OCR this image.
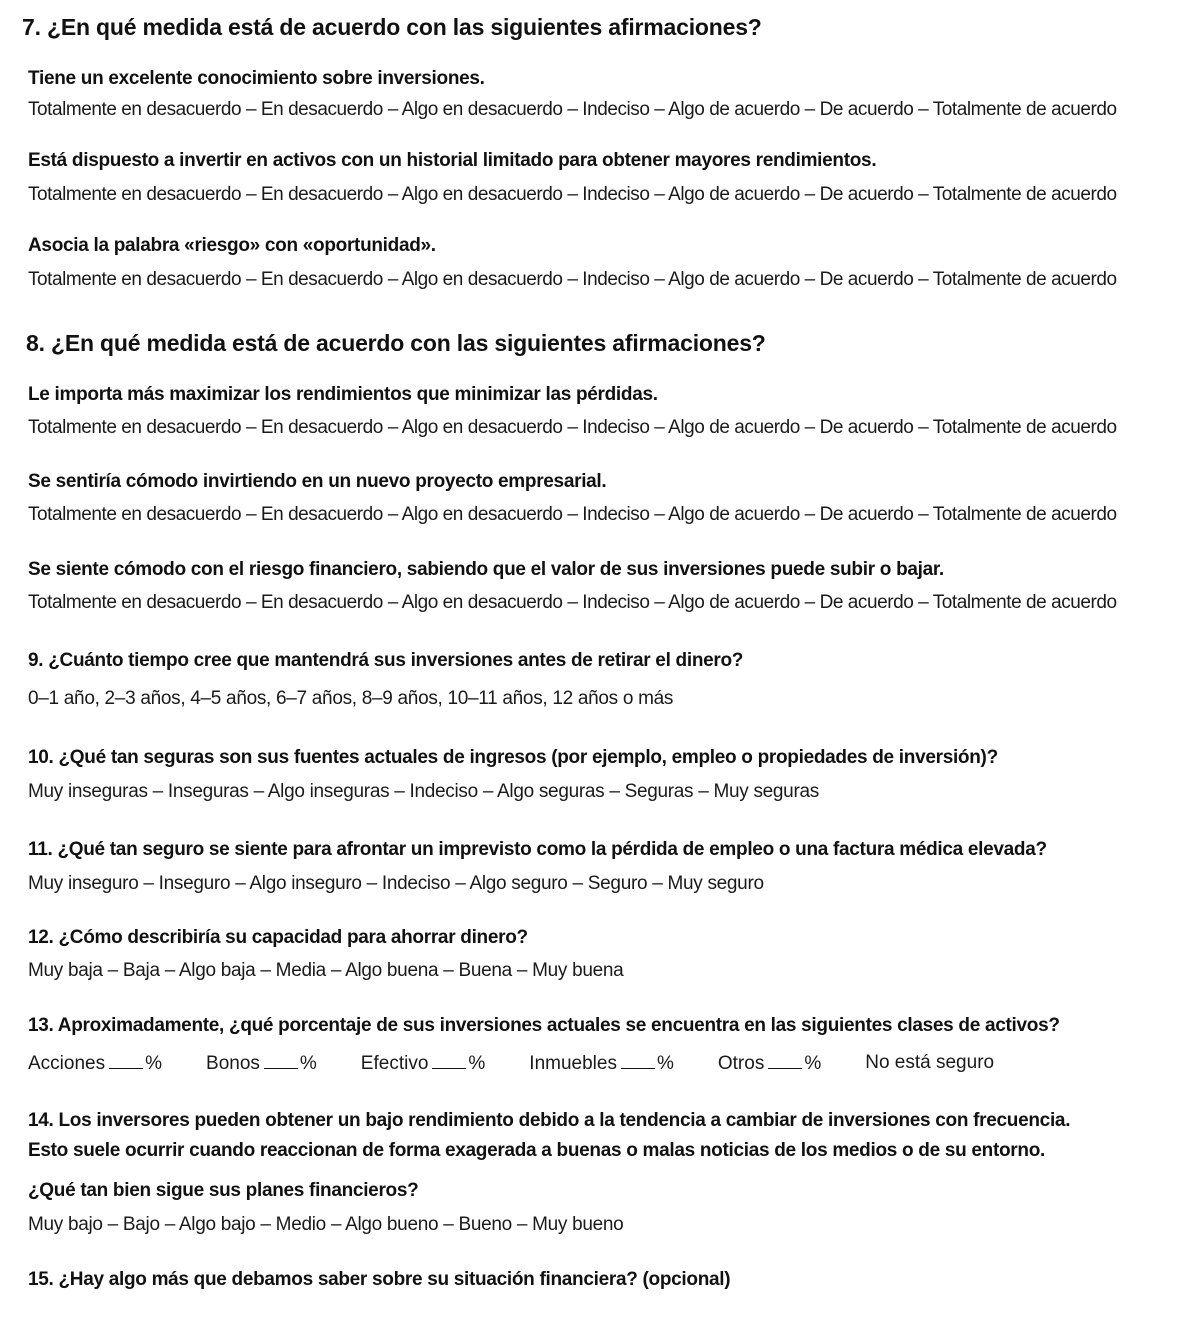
7. ¿En qué medida está de acuerdo con las siguientes afirmaciones?
Tiene un excelente conocimiento sobre inversiones.
Totalmente en desacuerdo – En desacuerdo – Algo en desacuerdo – Indeciso – Algo de acuerdo – De acuerdo – Totalmente de acuerdo
Está dispuesto a invertir en activos con un historial limitado para obtener mayores rendimientos.
Totalmente en desacuerdo – En desacuerdo – Algo en desacuerdo – Indeciso – Algo de acuerdo – De acuerdo – Totalmente de acuerdo
Asocia la palabra «riesgo» con «oportunidad».
Totalmente en desacuerdo – En desacuerdo – Algo en desacuerdo – Indeciso – Algo de acuerdo – De acuerdo – Totalmente de acuerdo
8. ¿En qué medida está de acuerdo con las siguientes afirmaciones?
Le importa más maximizar los rendimientos que minimizar las pérdidas.
Totalmente en desacuerdo – En desacuerdo – Algo en desacuerdo – Indeciso – Algo de acuerdo – De acuerdo – Totalmente de acuerdo
Se sentiría cómodo invirtiendo en un nuevo proyecto empresarial.
Totalmente en desacuerdo – En desacuerdo – Algo en desacuerdo – Indeciso – Algo de acuerdo – De acuerdo – Totalmente de acuerdo
Se siente cómodo con el riesgo financiero, sabiendo que el valor de sus inversiones puede subir o bajar.
Totalmente en desacuerdo – En desacuerdo – Algo en desacuerdo – Indeciso – Algo de acuerdo – De acuerdo – Totalmente de acuerdo
9. ¿Cuánto tiempo cree que mantendrá sus inversiones antes de retirar el dinero?
0–1 año, 2–3 años, 4–5 años, 6–7 años, 8–9 años, 10–11 años, 12 años o más
10. ¿Qué tan seguras son sus fuentes actuales de ingresos (por ejemplo, empleo o propiedades de inversión)?
Muy inseguras – Inseguras – Algo inseguras – Indeciso – Algo seguras – Seguras – Muy seguras
11. ¿Qué tan seguro se siente para afrontar un imprevisto como la pérdida de empleo o una factura médica elevada?
Muy inseguro – Inseguro – Algo inseguro – Indeciso – Algo seguro – Seguro – Muy seguro
12. ¿Cómo describiría su capacidad para ahorrar dinero?
Muy baja – Baja – Algo baja – Media – Algo buena – Buena – Muy buena
13. Aproximadamente, ¿qué porcentaje de sus inversiones actuales se encuentra en las siguientes clases de activos?
Acciones % Bonos % Efectivo % Inmuebles % Otros % No está seguro
14. Los inversores pueden obtener un bajo rendimiento debido a la tendencia a cambiar de inversiones con frecuencia.
Esto suele ocurrir cuando reaccionan de forma exagerada a buenas o malas noticias de los medios o de su entorno.
¿Qué tan bien sigue sus planes financieros?
Muy bajo – Bajo – Algo bajo – Medio – Algo bueno – Bueno – Muy bueno
15. ¿Hay algo más que debamos saber sobre su situación financiera? (opcional)
